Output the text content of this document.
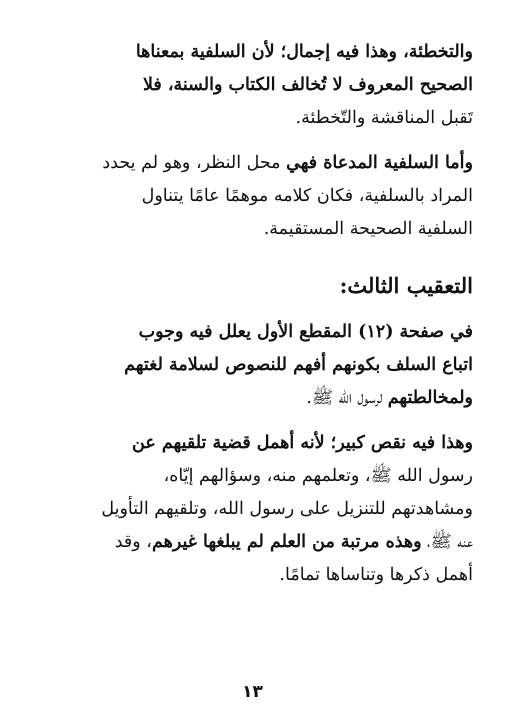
والتخطئة، وهذا فيه إجمال؛ لأن السلفية بمعناها
الصحيح المعروف لا تُخالف الكتاب والسنة، فلا
تَقبل المناقشة والتّخطئة.
وأما السلفية المدعاة فهي محل النظر، وهو لم يحدد
المراد بالسلفية، فكان كلامه موهمًا عامًا يتناول
السلفية الصحيحة المستقيمة.
التعقيب الثالث:
في صفحة (١٢) المقطع الأول يعلل فيه وجوب
اتباع السلف بكونهم أفهم للنصوص لسلامة لغتهم
ولمخالطتهم لرسول الله ﷺ.
وهذا فيه نقص كبير؛ لأنه أهمل قضية تلقيهم عن
رسول الله ﷺ، وتعلمهم منه، وسؤالهم إيّاه،
ومشاهدتهم للتنزيل على رسول الله، وتلقيهم التأويل
عنه ﷺ، وهذه مرتبة من العلم لم يبلغها غيرهم، وقد
أهمل ذكرها وتناساها تمامًا.
١٣
